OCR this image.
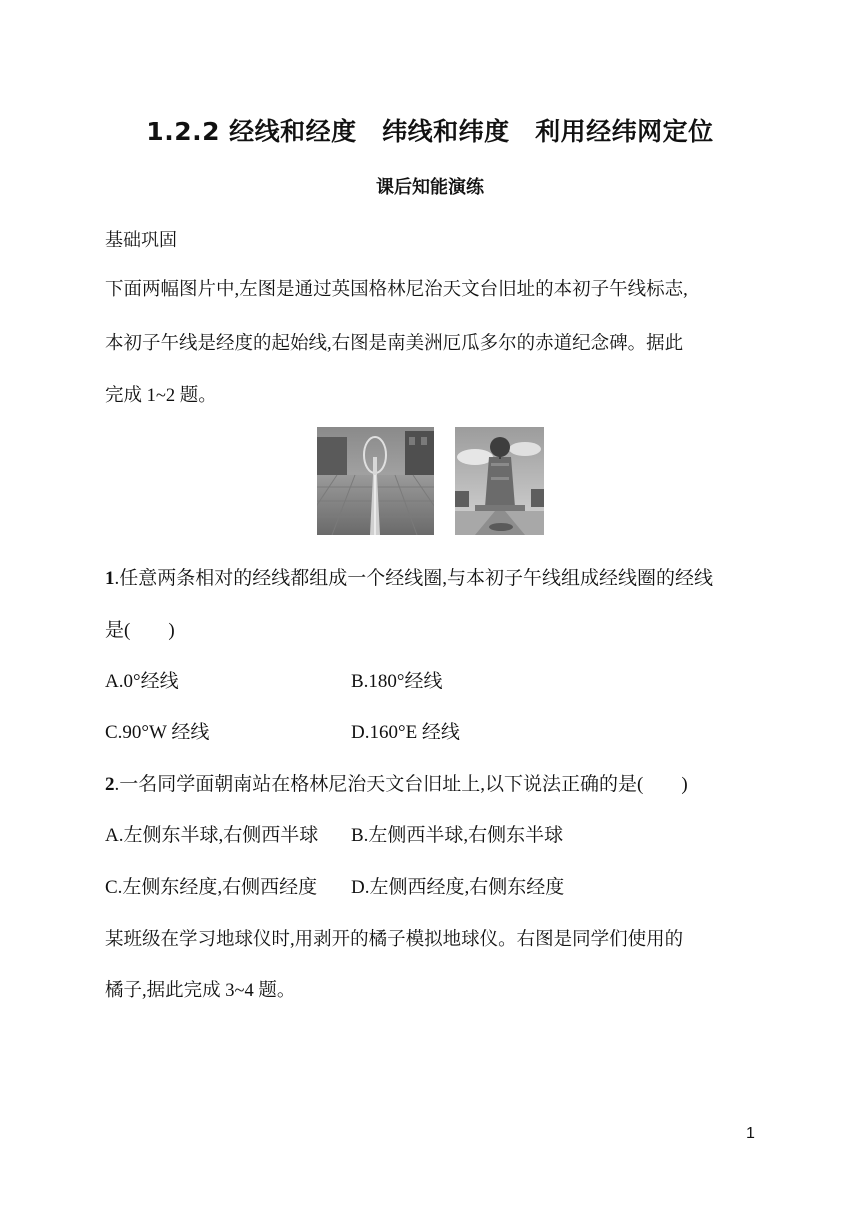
1.2.2 经线和经度　纬线和纬度　利用经纬网定位
课后知能演练
基础巩固
下面两幅图片中,左图是通过英国格林尼治天文台旧址的本初子午线标志,
本初子午线是经度的起始线,右图是南美洲厄瓜多尔的赤道纪念碑。据此
完成 1~2 题。
1.任意两条相对的经线都组成一个经线圈,与本初子午线组成经线圈的经线
是(　　)
A.0°经线	B.180°经线
C.90°W 经线	D.160°E 经线
2.一名同学面朝南站在格林尼治天文台旧址上,以下说法正确的是(　　)
A.左侧东半球,右侧西半球 B.左侧西半球,右侧东半球
C.左侧东经度,右侧西经度 D.左侧西经度,右侧东经度
某班级在学习地球仪时,用剥开的橘子模拟地球仪。右图是同学们使用的
橘子,据此完成 3~4 题。
1
